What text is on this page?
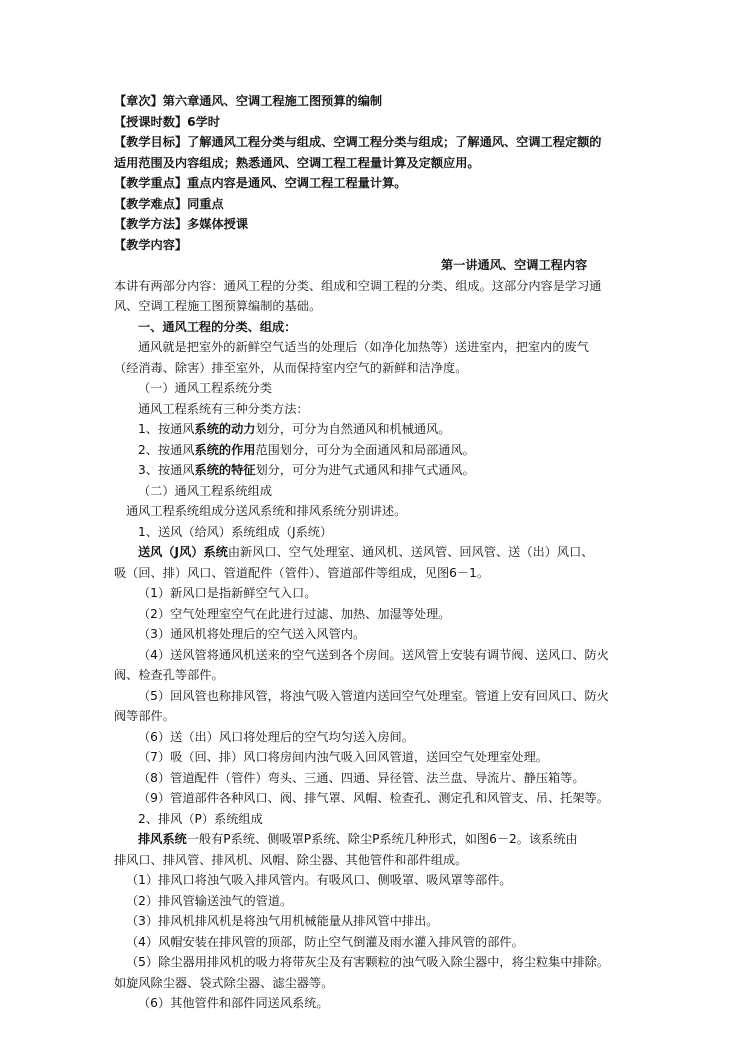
【章次】第六章通风、空调工程施工图预算的编制
【授课时数】6学时
【教学目标】了解通风工程分类与组成、空调工程分类与组成；了解通风、空调工程定额的
适用范围及内容组成；熟悉通风、空调工程工程量计算及定额应用。
【教学重点】重点内容是通风、空调工程工程量计算。
【教学难点】同重点
【教学方法】多媒体授课
【教学内容】
第一讲通风、空调工程内容
本讲有两部分内容：通风工程的分类、组成和空调工程的分类、组成。这部分内容是学习通
风、空调工程施工图预算编制的基础。
一、通风工程的分类、组成：
通风就是把室外的新鲜空气适当的处理后（如净化加热等）送进室内，把室内的废气
（经消毒、除害）排至室外，从而保持室内空气的新鲜和洁净度。
（一）通风工程系统分类
通风工程系统有三种分类方法：
1、按通风系统的动力划分，可分为自然通风和机械通风。
2、按通风系统的作用范围划分，可分为全面通风和局部通风。
3、按通风系统的特征划分，可分为进气式通风和排气式通风。
（二）通风工程系统组成
通风工程系统组成分送风系统和排风系统分别讲述。
1、送风（给风）系统组成（J系统）
送风（J风）系统由新风口、空气处理室、通风机、送风管、回风管、送（出）风口、
吸（回、排）风口、管道配件（管件）、管道部件等组成，见图6－1。
（1）新风口是指新鲜空气入口。
（2）空气处理室空气在此进行过滤、加热、加湿等处理。
（3）通风机将处理后的空气送入风管内。
（4）送风管将通风机送来的空气送到各个房间。送风管上安装有调节阀、送风口、防火
阀、检查孔等部件。
（5）回风管也称排风管，将浊气吸入管道内送回空气处理室。管道上安有回风口、防火
阀等部件。
（6）送（出）风口将处理后的空气均匀送入房间。
（7）吸（回、排）风口将房间内浊气吸入回风管道，送回空气处理室处理。
（8）管道配件（管件）弯头、三通、四通、异径管、法兰盘、导流片、静压箱等。
（9）管道部件各种风口、阀、排气罩、风帽、检查孔、测定孔和风管支、吊、托架等。
2、排风（P）系统组成
排风系统一般有P系统、侧吸罩P系统、除尘P系统几种形式，如图6－2。该系统由
排风口、排风管、排风机、风帽、除尘器、其他管件和部件组成。
（1）排风口将浊气吸入排风管内。有吸风口、侧吸罩、吸风罩等部件。
（2）排风管输送浊气的管道。
（3）排风机排风机是将浊气用机械能量从排风管中排出。
（4）风帽安装在排风管的顶部，防止空气倒灌及雨水灌入排风管的部件。
（5）除尘器用排风机的吸力将带灰尘及有害颗粒的浊气吸入除尘器中，将尘粒集中排除。
如旋风除尘器、袋式除尘器、滤尘器等。
（6）其他管件和部件同送风系统。
